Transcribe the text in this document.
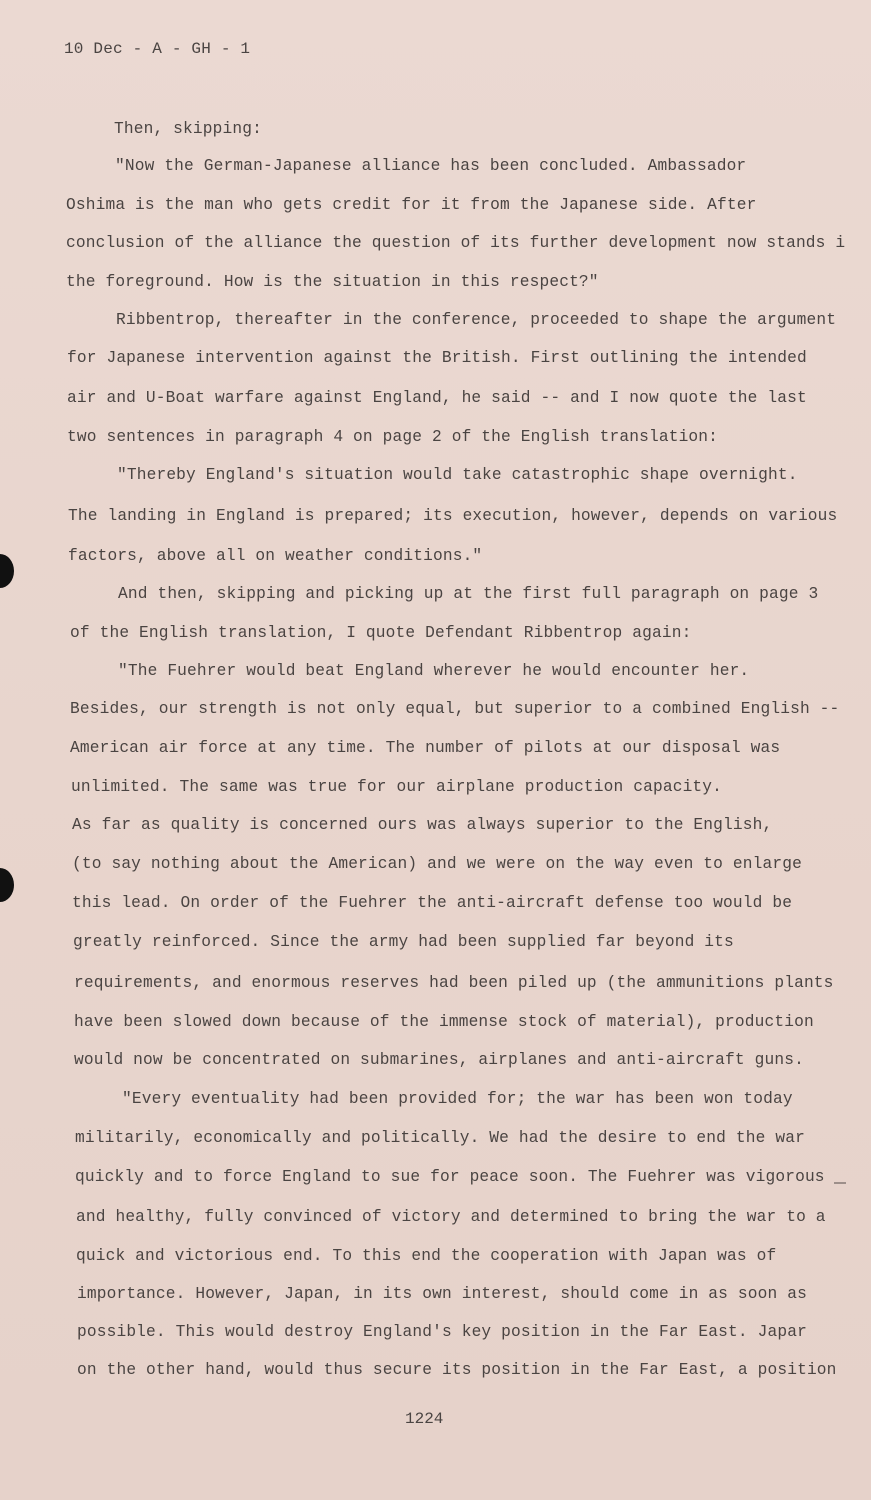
10 Dec - A - GH - 1
Then, skipping:
"Now the German-Japanese alliance has been concluded. Ambassador
Oshima is the man who gets credit for it from the Japanese side. After
conclusion of the alliance the question of its further development now stands i
the foreground. How is the situation in this respect?"
Ribbentrop, thereafter in the conference, proceeded to shape the argument
for Japanese intervention against the British. First outlining the intended
air and U-Boat warfare against England, he said -- and I now quote the last
two sentences in paragraph 4 on page 2 of the English translation:
"Thereby England's situation would take catastrophic shape overnight.
The landing in England is prepared; its execution, however, depends on various
factors, above all on weather conditions."
And then, skipping and picking up at the first full paragraph on page 3
of the English translation, I quote Defendant Ribbentrop again:
"The Fuehrer would beat England wherever he would encounter her.
Besides, our strength is not only equal, but superior to a combined English --
American air force at any time. The number of pilots at our disposal was
unlimited. The same was true for our airplane production capacity.
As far as quality is concerned ours was always superior to the English,
(to say nothing about the American) and we were on the way even to enlarge
this lead. On order of the Fuehrer the anti-aircraft defense too would be
greatly reinforced. Since the army had been supplied far beyond its
requirements, and enormous reserves had been piled up (the ammunitions plants
have been slowed down because of the immense stock of material), production
would now be concentrated on submarines, airplanes and anti-aircraft guns.
"Every eventuality had been provided for; the war has been won today
militarily, economically and politically. We had the desire to end the war
quickly and to force England to sue for peace soon. The Fuehrer was vigorous
and healthy, fully convinced of victory and determined to bring the war to a
quick and victorious end. To this end the cooperation with Japan was of
importance. However, Japan, in its own interest, should come in as soon as
possible. This would destroy England's key position in the Far East. Japar
on the other hand, would thus secure its position in the Far East, a position
1224
